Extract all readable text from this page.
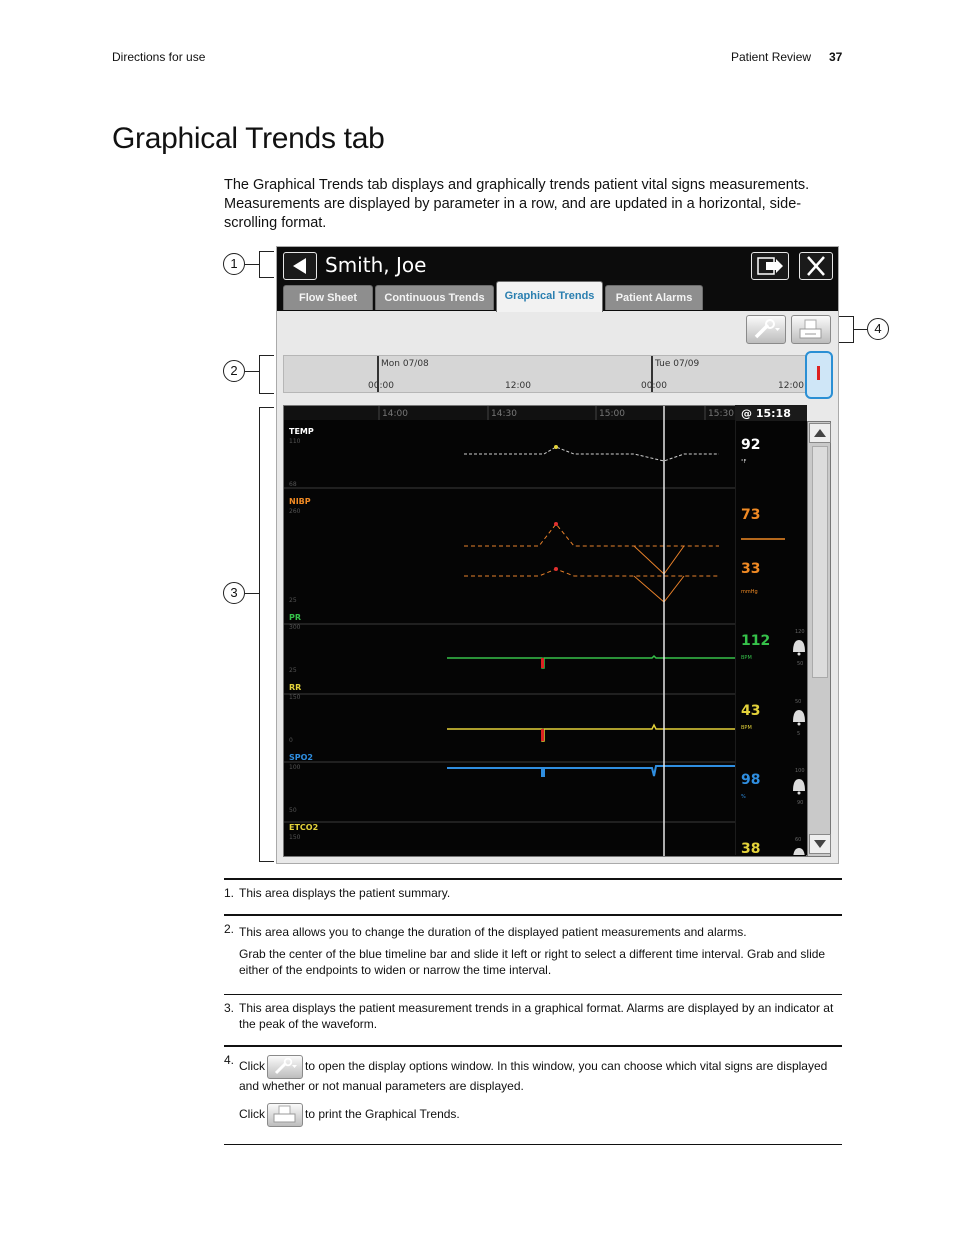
Directions for use	Patient Review 37
Graphical Trends tab

The Graphical Trends tab displays and graphically trends patient vital signs measurements. Measurements are displayed by parameter in a row, and are updated in a horizontal, side-scrolling format.

1
2
3
4
Smith, Joe
Flow Sheet	Continuous Trends	Graphical Trends	Patient Alarms
Mon 07/08	Tue 07/09
00:00	12:00	00:00	12:00
14:00	14:30	15:00	15:30
TEMP
110
68
NIBP
260
25
PR
300
25
RR
150
0
SPO2
100
50
ETCO2
150
@ 15:18
92
°F
73
112
BPM
120
50
43
BPM
50
5
98
%
100
90
38
60
33
mmHg
1. This area displays the patient summary.

2. This area allows you to change the duration of the displayed patient measurements and alarms.

Grab the center of the blue timeline bar and slide it left or right to select a different time interval. Grab and slide either of the endpoints to widen or narrow the time interval.

3. This area displays the patient measurement trends in a graphical format. Alarms are displayed by an indicator at the peak of the waveform.

4. Click	to open the display options window. In this window, you can choose which vital signs are displayed and whether or not manual parameters are displayed.

Click	to print the Graphical Trends.
